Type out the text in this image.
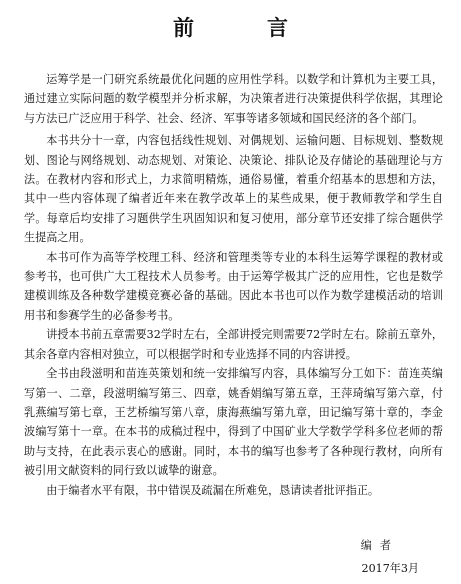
前　言

运筹学是一门研究系统最优化问题的应用性学科。以数学和计算机为主要工具，通过建立实际问题的数学模型并分析求解，为决策者进行决策提供科学依据，其理论与方法已广泛应用于科学、社会、经济、军事等诸多领域和国民经济的各个部门。

本书共分十一章，内容包括线性规划、对偶规划、运输问题、目标规划、整数规划、图论与网络规划、动态规划、对策论、决策论、排队论及存储论的基础理论与方法。在教材内容和形式上，力求简明精炼，通俗易懂，着重介绍基本的思想和方法，其中一些内容体现了编者近年来在教学改革上的某些成果，便于教师教学和学生自学。每章后均安排了习题供学生巩固知识和复习使用，部分章节还安排了综合题供学生提高之用。

本书可作为高等学校理工科、经济和管理类等专业的本科生运筹学课程的教材或参考书，也可供广大工程技术人员参考。由于运筹学极其广泛的应用性，它也是数学建模训练及各种数学建模竞赛必备的基础。因此本书也可以作为数学建模活动的培训用书和参赛学生的必备参考书。

讲授本书前五章需要32学时左右，全部讲授完则需要72学时左右。除前五章外，其余各章内容相对独立，可以根据学时和专业选择不同的内容讲授。

全书由段滋明和苗连英策划和统一安排编写内容，具体编写分工如下：苗连英编写第一、二章，段滋明编写第三、四章，姚香娟编写第五章，王萍琦编写第六章，付乳燕编写第七章，王艺桥编写第八章，康海燕编写第九章，田记编写第十章的，李金波编写第十一章。在本书的成稿过程中，得到了中国矿业大学数学学科多位老师的帮助与支持，在此表示衷心的感谢。同时，本书的编写也参考了各种现行教材，向所有被引用文献资料的同行致以诚挚的谢意。

由于编者水平有限，书中错误及疏漏在所难免，恳请读者批评指正。

编者
2017年3月
